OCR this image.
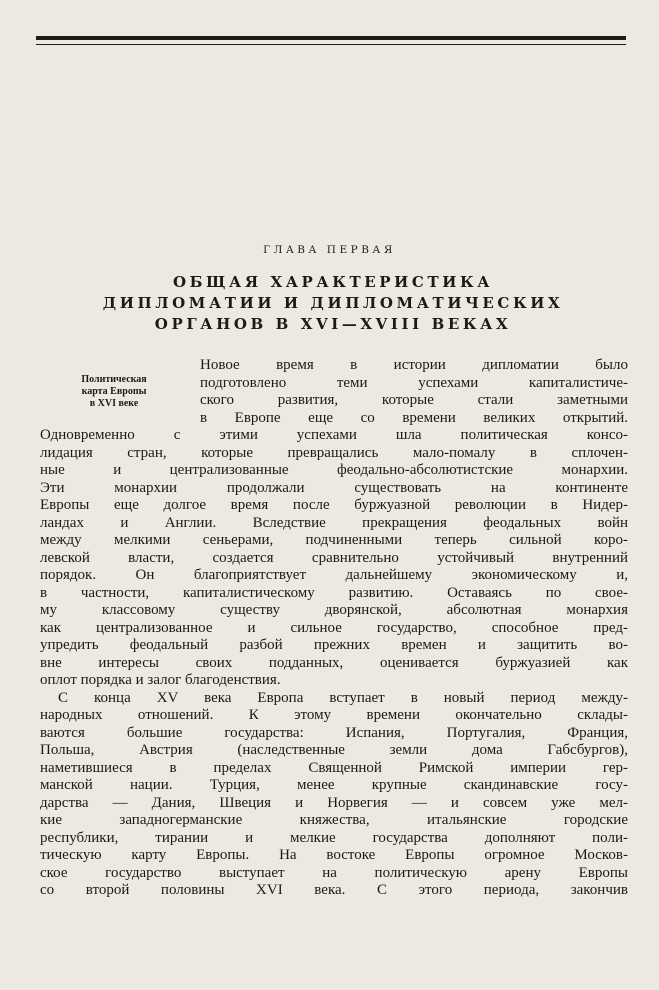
ГЛАВА ПЕРВАЯ
ОБЩАЯ ХАРАКТЕРИСТИКА
ДИПЛОМАТИИ И ДИПЛОМАТИЧЕСКИХ
ОРГАНОВ В XVI—XVIII ВЕКАХ
Политическая
карта Европы
в XVI веке
Новое время в истории дипломатии было
подготовлено теми успехами капиталистиче-
ского развития, которые стали заметными
в Европе еще со времени великих открытий.
Одновременно с этими успехами шла политическая консо-
лидация стран, которые превращались мало-помалу в сплочен-
ные и централизованные феодально-абсолютистские монархии.
Эти монархии продолжали существовать на континенте
Европы еще долгое время после буржуазной революции в Нидер-
ландах и Англии. Вследствие прекращения феодальных войн
между мелкими сеньерами, подчиненными теперь сильной коро-
левской власти, создается сравнительно устойчивый внутренний
порядок. Он благоприятствует дальнейшему экономическому и,
в частности, капиталистическому развитию. Оставаясь по свое-
му классовому существу дворянской, абсолютная монархия
как централизованное и сильное государство, способное пред-
упредить феодальный разбой прежних времен и защитить во-
вне интересы своих подданных, оценивается буржуазией как
оплот порядка и залог благоденствия.
С конца XV века Европа вступает в новый период между-
народных отношений. К этому времени окончательно склады-
ваются большие государства: Испания, Португалия, Франция,
Польша, Австрия (наследственные земли дома Габсбургов),
наметившиеся в пределах Священной Римской империи гер-
манской нации. Турция, менее крупные скандинавские госу-
дарства — Дания, Швеция и Норвегия — и совсем уже мел-
кие западногерманские княжества, итальянские городские
республики, тирании и мелкие государства дополняют поли-
тическую карту Европы. На востоке Европы огромное Москов-
ское государство выступает на политическую арену Европы
со второй половины XVI века. С этого периода, закончив
